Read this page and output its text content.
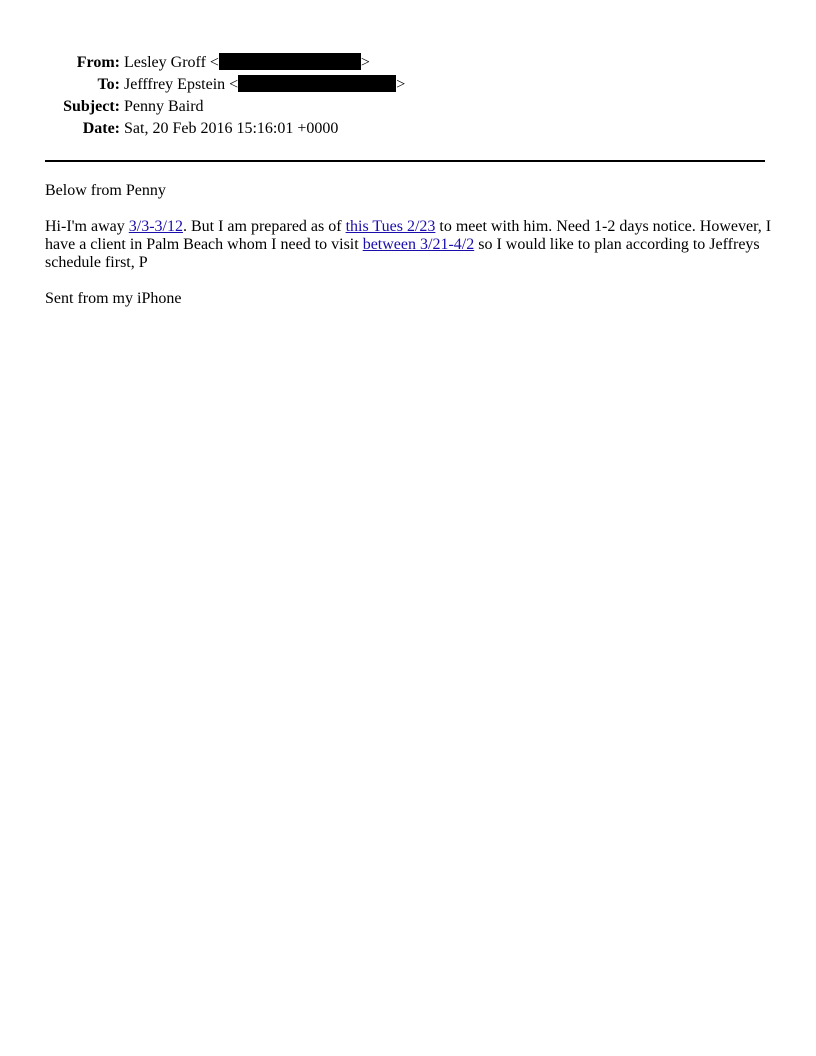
From: Lesley Groff <	>
To: Jefffrey Epstein <	>
Subject: Penny Baird
Date: Sat, 20 Feb 2016 15:16:01 +0000

Below from Penny

Hi-I'm away 3/3-3/12. But I am prepared as of this Tues 2/23 to meet with him. Need 1-2 days notice. However, I have a client in Palm Beach whom I need to visit between 3/21-4/2 so I would like to plan according to Jeffreys schedule first, P

Sent from my iPhone
